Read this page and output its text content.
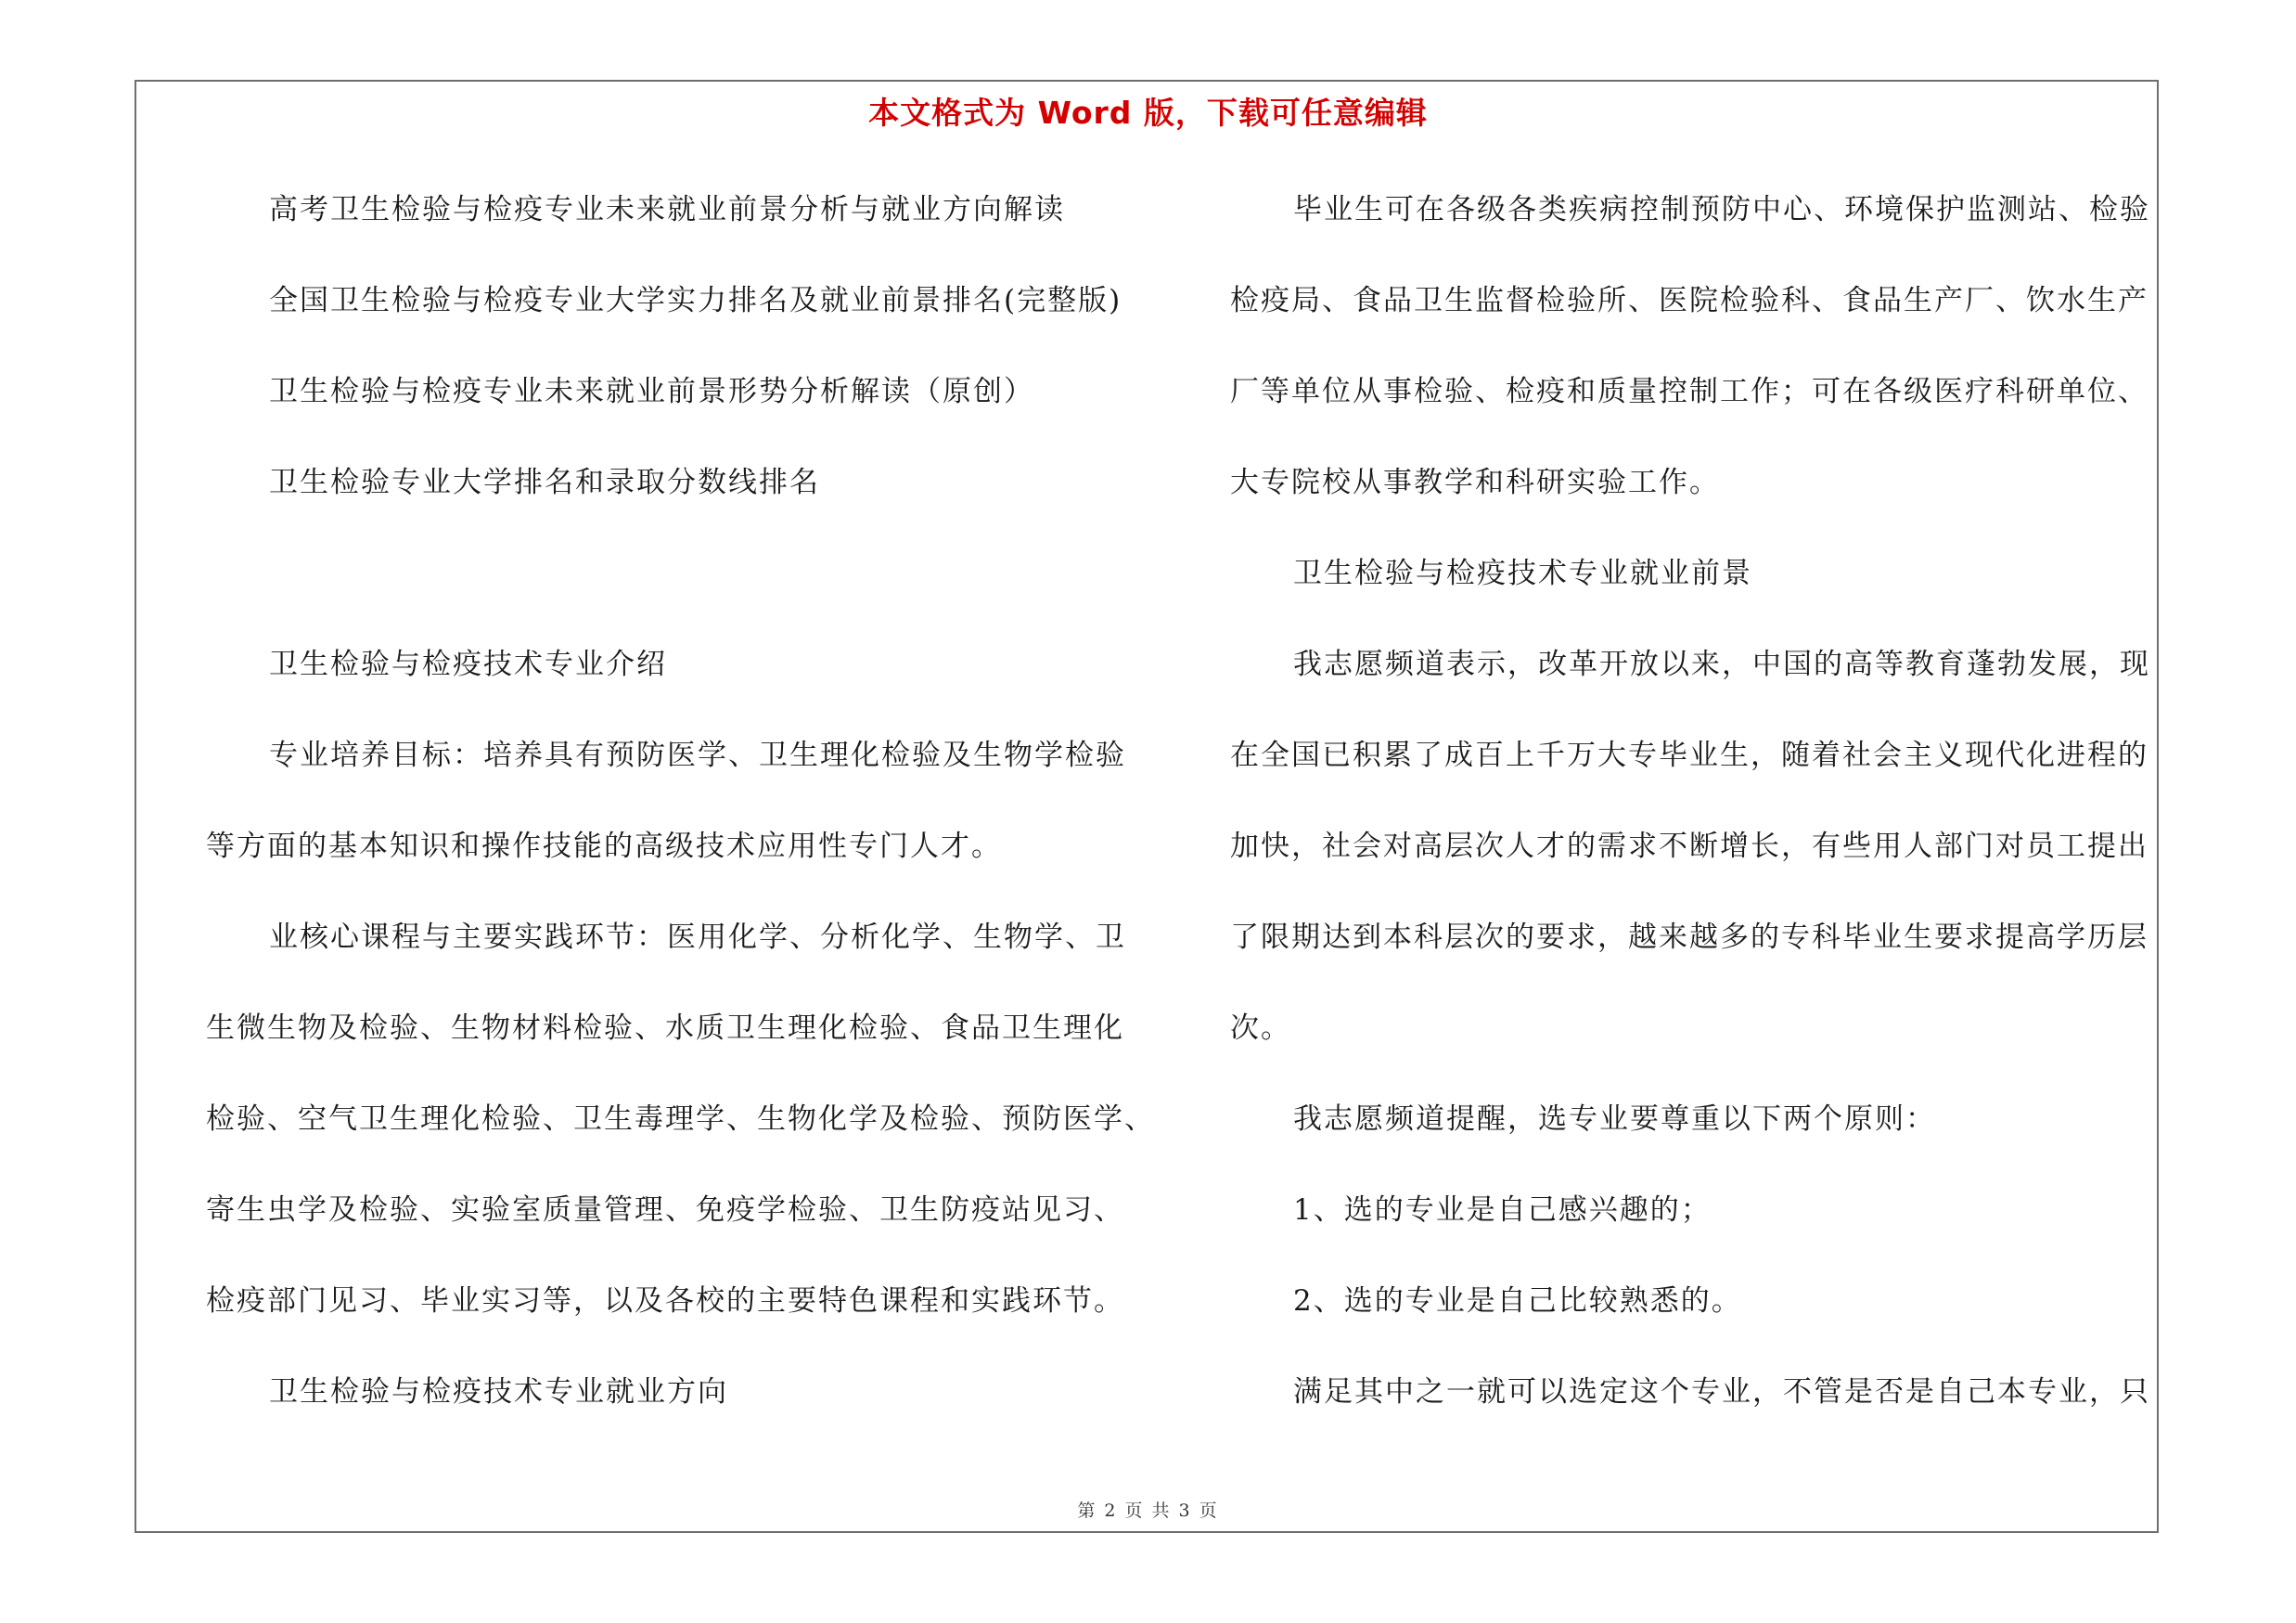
本文格式为 Word 版，下载可任意编辑
高考卫生检验与检疫专业未来就业前景分析与就业方向解读
全国卫生检验与检疫专业大学实力排名及就业前景排名(完整版)
卫生检验与检疫专业未来就业前景形势分析解读（原创）
卫生检验专业大学排名和录取分数线排名
卫生检验与检疫技术专业介绍
专业培养目标：培养具有预防医学、卫生理化检验及生物学检验
等方面的基本知识和操作技能的高级技术应用性专门人才。
业核心课程与主要实践环节：医用化学、分析化学、生物学、卫
生微生物及检验、生物材料检验、水质卫生理化检验、食品卫生理化
检验、空气卫生理化检验、卫生毒理学、生物化学及检验、预防医学、
寄生虫学及检验、实验室质量管理、免疫学检验、卫生防疫站见习、
检疫部门见习、毕业实习等，以及各校的主要特色课程和实践环节。
卫生检验与检疫技术专业就业方向
毕业生可在各级各类疾病控制预防中心、环境保护监测站、检验
检疫局、食品卫生监督检验所、医院检验科、食品生产厂、饮水生产
厂等单位从事检验、检疫和质量控制工作；可在各级医疗科研单位、
大专院校从事教学和科研实验工作。
卫生检验与检疫技术专业就业前景
我志愿频道表示，改革开放以来，中国的高等教育蓬勃发展，现
在全国已积累了成百上千万大专毕业生，随着社会主义现代化进程的
加快，社会对高层次人才的需求不断增长，有些用人部门对员工提出
了限期达到本科层次的要求，越来越多的专科毕业生要求提高学历层
次。
我志愿频道提醒，选专业要尊重以下两个原则：
1、选的专业是自己感兴趣的；
2、选的专业是自己比较熟悉的。
满足其中之一就可以选定这个专业，不管是否是自己本专业，只
第 2 页 共 3 页
